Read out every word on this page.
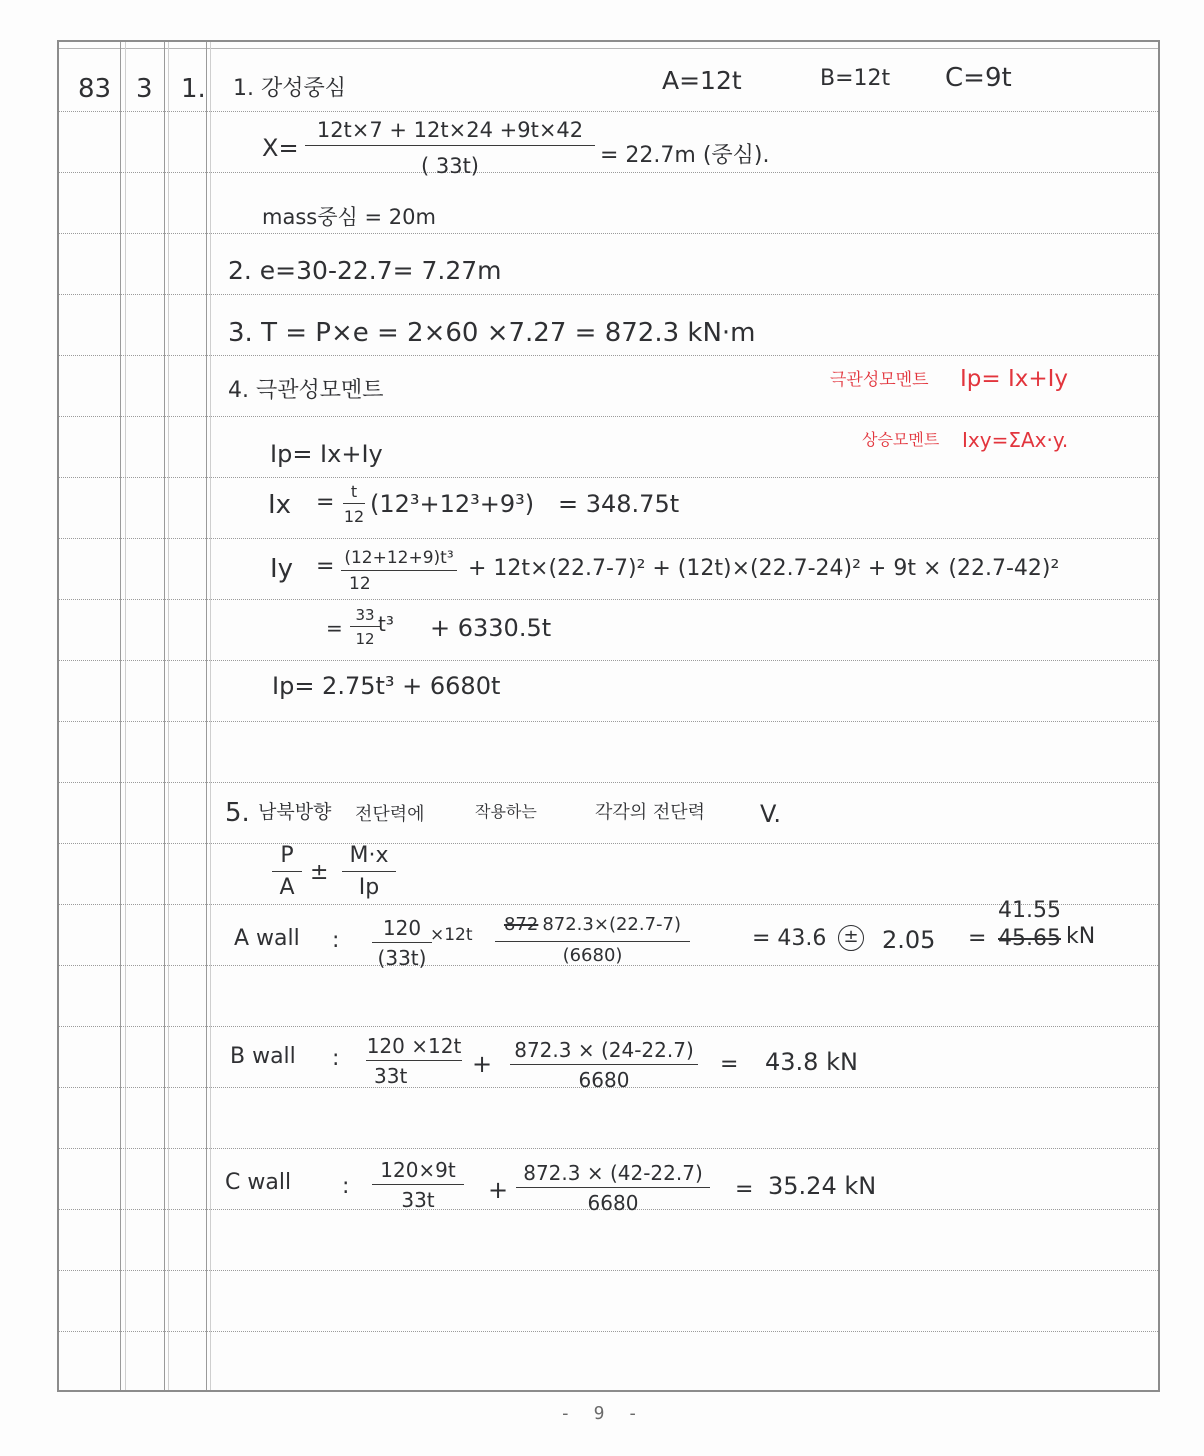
83 3 1. 1. 강성중심	A=12t	B=12t C=9t
X=
12t×7 + 12t×24 +9t×42
( 33t)	= 22.7m (중심).
mass중심 = 20m
2. e=30-22.7= 7.27m
3. T = P×e = 2×60 ×7.27 = 872.3 kN·m
4. 극관성모멘트	극관성모멘트 Ip= Ix+Iy
상승모멘트 Ixy=ΣAx·y.
Ip= Ix+Iy
Ix = t
12 (12³+12³+9³) = 348.75t
Iy = (12+12+9)t³
12
+ 12t×(22.7-7)² + (12t)×(22.7-24)² + 9t × (22.7-42)²
=
33
12
t³ + 6330.5t
Ip= 2.75t³ + 6680t
5. 남북방향 전단력에	작용하는	각각의 전단력 V.
P
A
±
M·x
Ip
A wall : 120
(33t)
×12t 872 872.3×(22.7-7)
(6680)
= 43.6 ± 2.05 =
41.55
45.65 kN
B wall : 120 ×12t
33t	+ 872.3 × (24-22.7)
6680
= 43.8 kN
C wall :
120×9t
33t +
872.3 × (42-22.7)
6680
= 35.24 kN
- 9 -
